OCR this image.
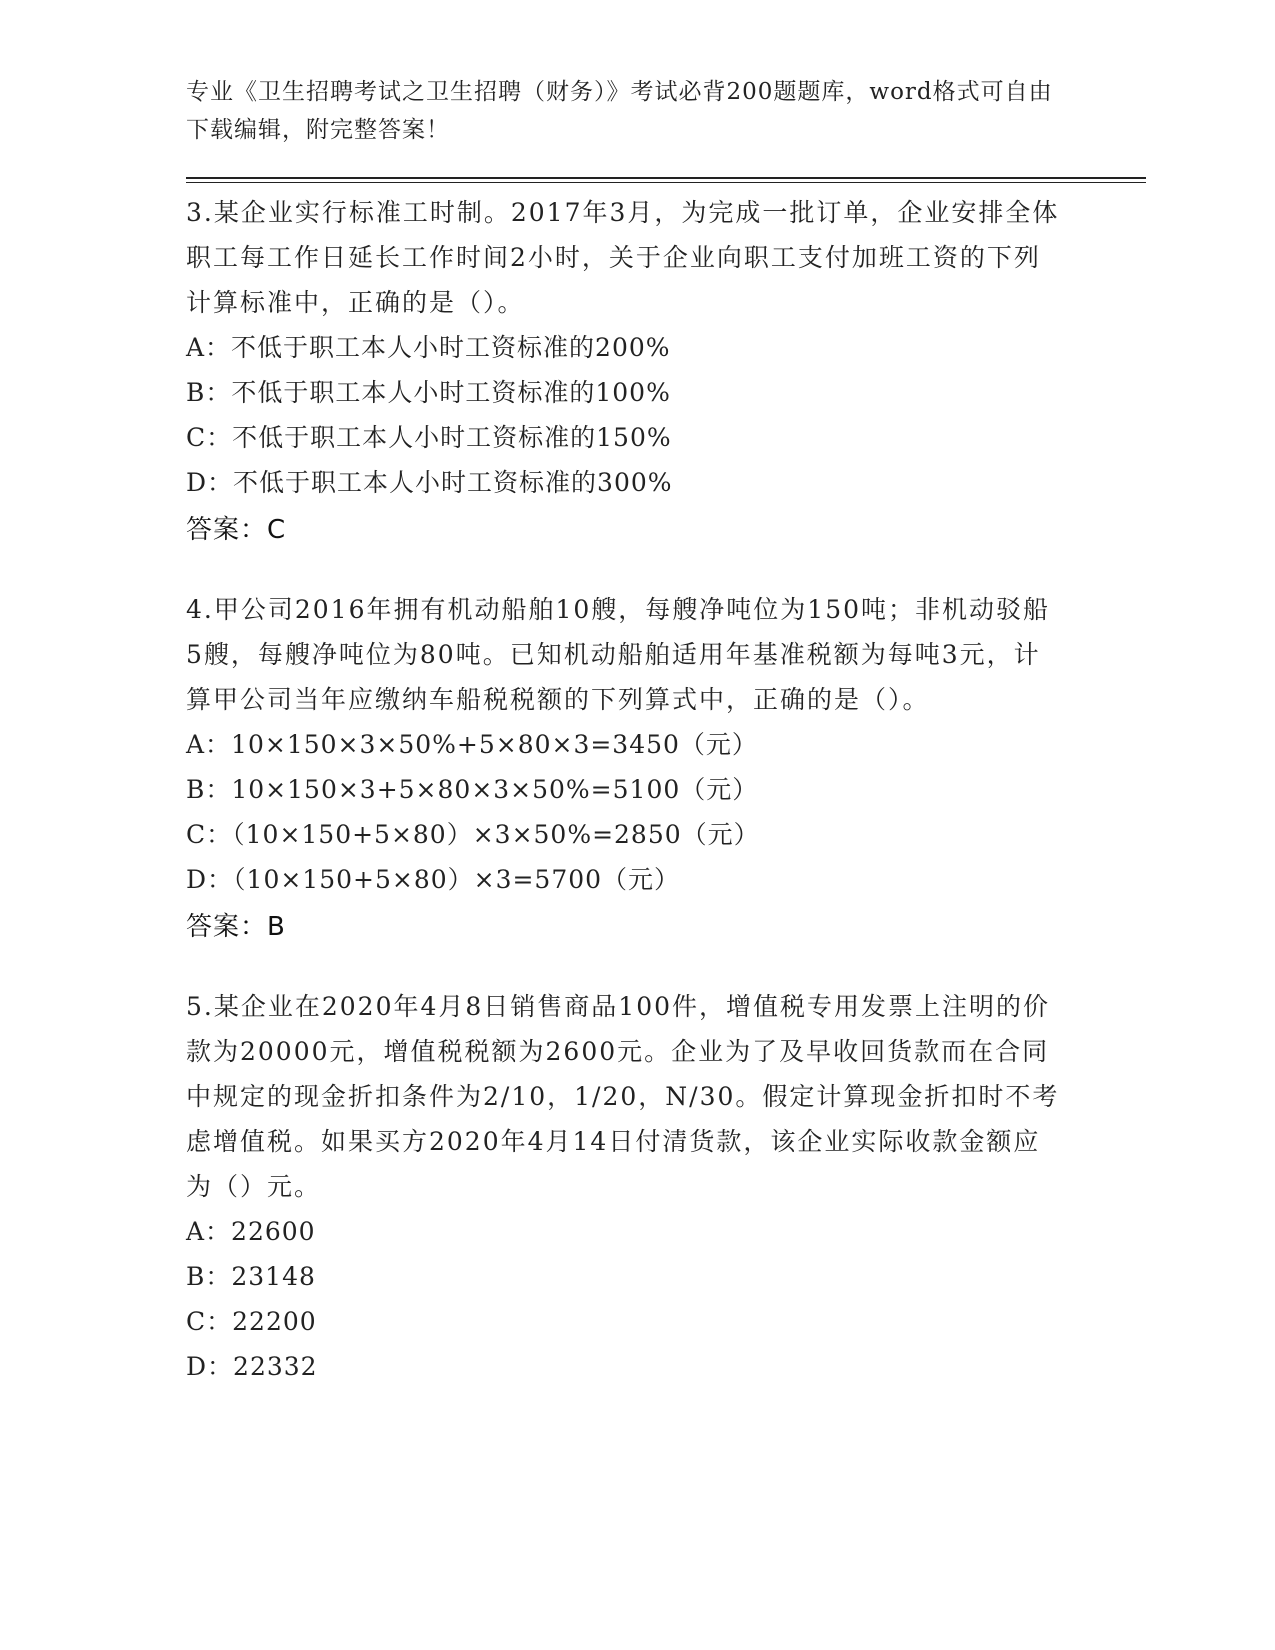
专业《卫生招聘考试之卫生招聘（财务）》考试必背200题题库，word格式可自由下载编辑，附完整答案！

3.某企业实行标准工时制。2017年3月，为完成一批订单，企业安排全体职工每工作日延长工作时间2小时，关于企业向职工支付加班工资的下列计算标准中，正确的是（）。

A：不低于职工本人小时工资标准的200%
B：不低于职工本人小时工资标准的100%
C：不低于职工本人小时工资标准的150%
D：不低于职工本人小时工资标准的300%
答案：C

4.甲公司2016年拥有机动船舶10艘，每艘净吨位为150吨；非机动驳船5艘，每艘净吨位为80吨。已知机动船舶适用年基准税额为每吨3元，计算甲公司当年应缴纳车船税税额的下列算式中，正确的是（）。

A：10×150×3×50%+5×80×3=3450（元）
B：10×150×3+5×80×3×50%=5100（元）
C：（10×150+5×80）×3×50%=2850（元）
D：（10×150+5×80）×3=5700（元）
答案：B

5.某企业在2020年4月8日销售商品100件，增值税专用发票上注明的价款为20000元，增值税税额为2600元。企业为了及早收回货款而在合同中规定的现金折扣条件为2/10，1/20，N/30。假定计算现金折扣时不考虑增值税。如果买方2020年4月14日付清货款，该企业实际收款金额应为（）元。

A：22600
B：23148
C：22200
D：22332
